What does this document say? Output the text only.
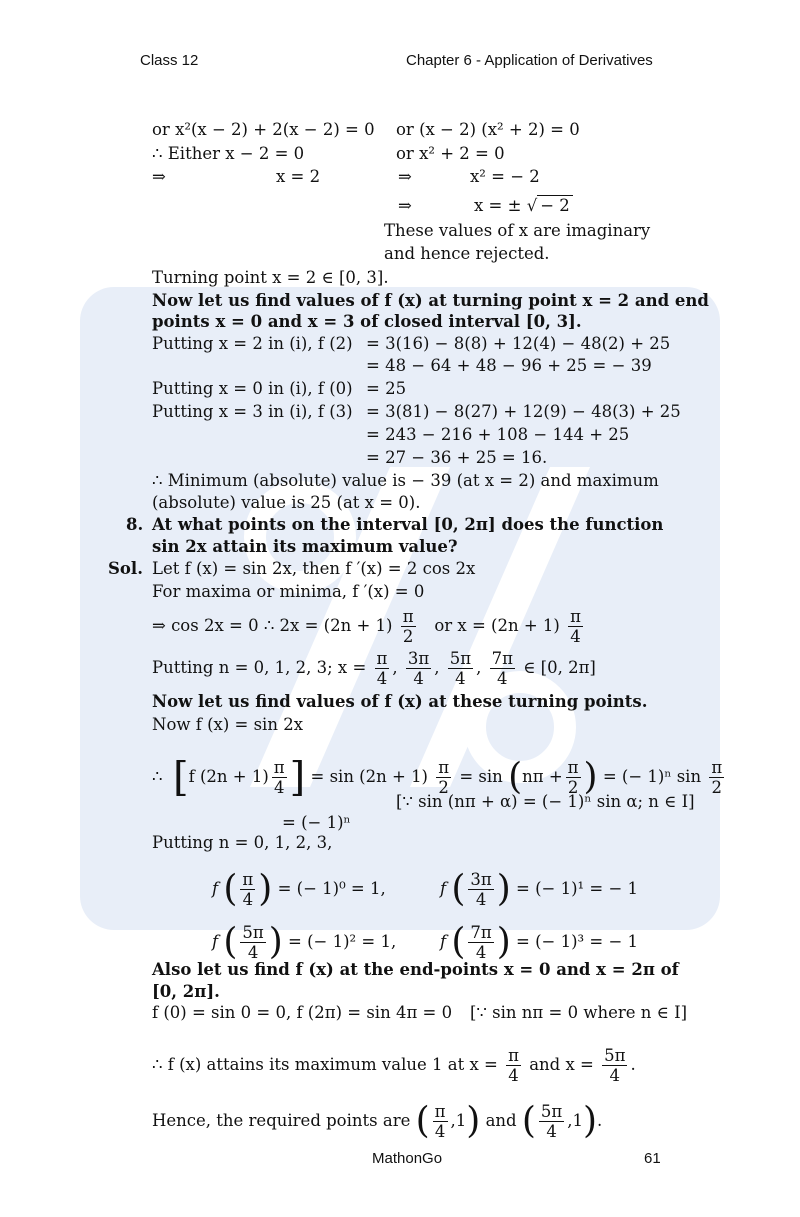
Class 12	Chapter 6 - Application of Derivatives
or x²(x − 2) + 2(x − 2) = 0 or (x − 2) (x² + 2) = 0
∴ Either x − 2 = 0	or x² + 2 = 0
⇒	x = 2	⇒	x² = − 2
⇒	x = ± √ − 2
These values of x are imaginary
and hence rejected.
Turning point x = 2 ∈ [0, 3].
Now let us find values of f (x) at turning point x = 2 and end
points x = 0 and x = 3 of closed interval [0, 3].
Putting x = 2 in (i), f (2) = 3(16) − 8(8) + 12(4) − 48(2) + 25
= 48 − 64 + 48 − 96 + 25 = − 39
Putting x = 0 in (i), f (0) = 25
Putting x = 3 in (i), f (3) = 3(81) − 8(27) + 12(9) − 48(3) + 25
= 243 − 216 + 108 − 144 + 25
= 27 − 36 + 25 = 16.
∴ Minimum (absolute) value is − 39 (at x = 2) and maximum
(absolute) value is 25 (at x = 0).
8. At what points on the interval [0, 2π] does the function
sin 2x attain its maximum value?
Sol. Let f (x) = sin 2x, then f ′(x) = 2 cos 2x
For maxima or minima, f ′(x) = 0
⇒ cos 2x = 0 ∴ $2x = (2n + 1) \frac{\pi}{2}$ or $x = (2n + 1) \frac{\pi}{4}$
Putting n = 0, 1, 2, 3; $x = \frac{\pi}{4}$ , $\frac{3\pi}{4}$ , $\frac{5\pi}{4}$ , $\frac{7\pi}{4}$ ∈ [0, 2π]
Now let us find values of f (x) at these turning points.
Now f (x) = sin 2x
∴ [f $(2n + 1) \frac{\pi}{4}$ ] = $\sin (2n + 1) \frac{\pi}{2} = \sin (n\pi + \frac{\pi}{2}$ ) = (− 1)ⁿ $\sin \frac{\pi}{2}$
[∵ sin (nπ + α) = (− 1)ⁿ sin α; n ∈ I]
= (− 1)ⁿ
Putting n = 0, 1, 2, 3,
f ( $\frac{\pi}{4}$ ) = (− 1)⁰ = 1,	f ( $\frac{3\pi}{4}$ ) = (− 1)¹ = − 1
f ( $\frac{5\pi}{4}$ ) = (− 1)² = 1,	f ( $\frac{7\pi}{4}$ ) = (− 1)³ = − 1
Also let us find f (x) at the end-points x = 0 and x = 2π of
[0, 2π].
f (0) = sin 0 = 0, f (2π) = sin 4π = 0 [∵ sin nπ = 0 where n ∈ I]
∴ f (x) attains its maximum value 1 at $x = \frac{\pi}{4}$ and $x = \frac{5\pi}{4}$ .
Hence, the required points are ( $\frac{\pi}{4} ,1$) and ( $\frac{5\pi}{4} ,1$).
MathonGo	61
